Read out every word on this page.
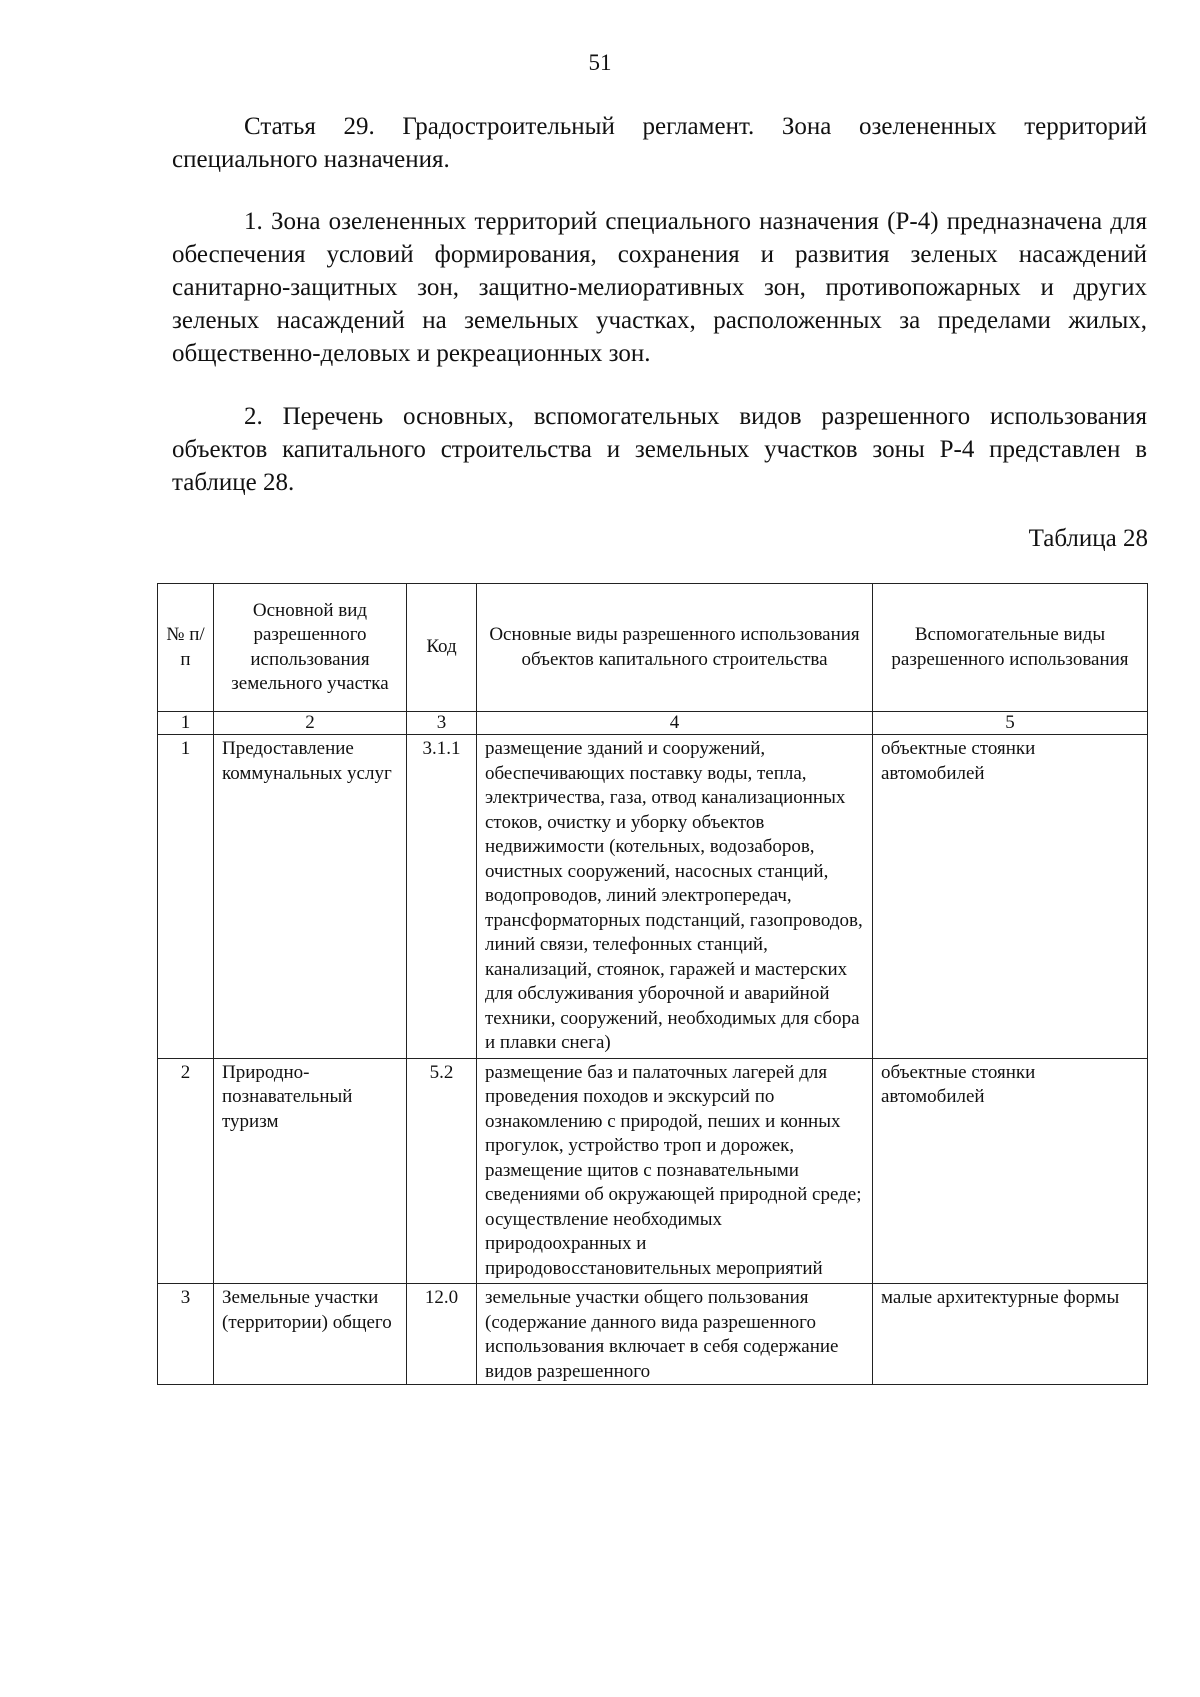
51
Статья 29. Градостроительный регламент. Зона озелененных территорий специального назначения.
1. Зона озелененных территорий специального назначения (Р-4) предназначена для обеспечения условий формирования, сохранения и развития зеленых насаждений санитарно-защитных зон, защитно-мелиоративных зон, противопожарных и других зеленых насаждений на земельных участках, расположенных за пределами жилых, общественно-деловых и рекреационных зон.
2. Перечень основных, вспомогательных видов разрешенного использования объектов капитального строительства и земельных участков зоны Р-4 представлен в таблице 28.
Таблица 28
№ п/п	Основной вид разрешенного использования земельного участка	Код	Основные виды разрешенного использования объектов капитального строительства	Вспомогательные виды разрешенного использования
1	2	3	4	5
1	Предоставление коммунальных услуг	3.1.1	размещение зданий и сооружений, обеспечивающих поставку воды, тепла, электричества, газа, отвод канализационных стоков, очистку и уборку объектов недвижимости (котельных, водозаборов, очистных сооружений, насосных станций, водопроводов, линий электропередач, трансформаторных подстанций, газопроводов, линий связи, телефонных станций, канализаций, стоянок, гаражей и мастерских для обслуживания уборочной и аварийной техники, сооружений, необходимых для сбора и плавки снега)	объектные стоянки автомобилей
2	Природно-познавательный туризм	5.2	размещение баз и палаточных лагерей для проведения походов и экскурсий по ознакомлению с природой, пеших и конных прогулок, устройство троп и дорожек, размещение щитов с познавательными сведениями об окружающей природной среде; осуществление необходимых природоохранных и природовосстановительных мероприятий	объектные стоянки автомобилей
3	Земельные участки (территории) общего	12.0	земельные участки общего пользования (содержание данного вида разрешенного использования включает в себя содержание видов разрешенного	малые архитектурные формы
